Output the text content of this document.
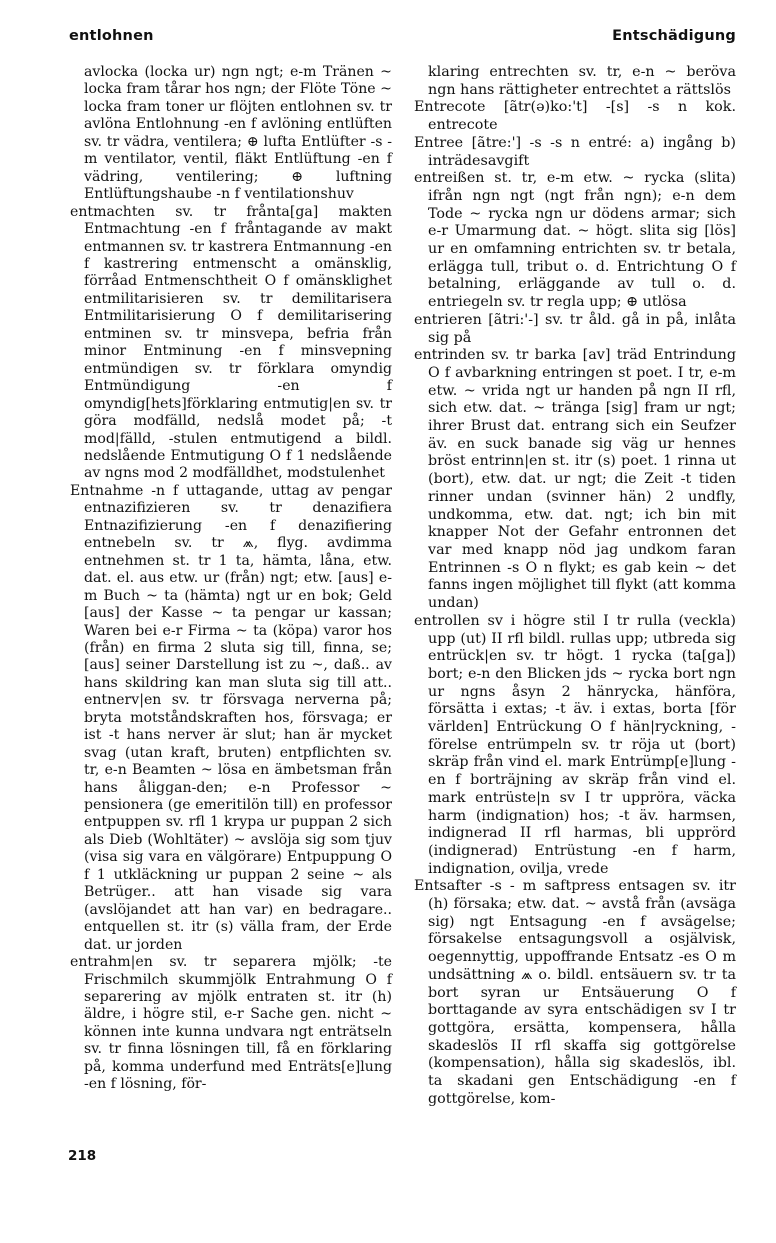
entlohnen	Entschädigung

avlocka (locka ur) ngn ngt; e-m Tränen ~ locka fram tårar hos ngn; der Flöte Töne ~ locka fram toner ur flöjten entlohnen sv. tr avlöna Entlohnung -en f avlöning entlüften sv. tr vädra, ventilera; ⊕ lufta Entlüfter -s - m ventilator, ventil, fläkt Entlüftung -en f vädring, ventilering; ⊕ luftning Entlüftungshaube -n f ventilationshuv

entmachten sv. tr frånta[ga] makten Entmachtung -en f fråntagande av makt entmannen sv. tr kastrera Entmannung -en f kastrering entmenscht a omänsklig, förråad Entmenschtheit O f omänsklighet entmilitarisieren sv. tr demilitarisera Entmilitarisierung O f demilitarisering entminen sv. tr minsvepa, befria från minor Entminung -en f minsvepning entmündigen sv. tr förklara omyndig Entmündigung -en f omyndig[hets]förklaring entmutig|en sv. tr göra modfälld, nedslå modet på; -t mod|fälld, -stulen entmutigend a bildl. nedslående Entmutigung O f 1 nedslående av ngns mod 2 modfälldhet, modstulenhet

Entnahme -n f uttagande, uttag av pengar entnazifizieren sv. tr denazifiera Entnazifizierung -en f denazifiering entnebeln sv. tr ⩕, flyg. avdimma entnehmen st. tr 1 ta, hämta, låna, etw. dat. el. aus etw. ur (från) ngt; etw. [aus] e-m Buch ~ ta (hämta) ngt ur en bok; Geld [aus] der Kasse ~ ta pengar ur kassan; Waren bei e-r Firma ~ ta (köpa) varor hos (från) en firma 2 sluta sig till, finna, se; [aus] seiner Darstellung ist zu ~, daß.. av hans skildring kan man sluta sig till att.. entnerv|en sv. tr försvaga nerverna på; bryta motståndskraften hos, försvaga; er ist -t hans nerver är slut; han är mycket svag (utan kraft, bruten) entpflichten sv. tr, e-n Beamten ~ lösa en ämbetsman från hans åliggan-den; e-n Professor ~ pensionera (ge emeritilön till) en professor entpuppen sv. rfl 1 krypa ur puppan 2 sich als Dieb (Wohltäter) ~ avslöja sig som tjuv (visa sig vara en välgörare) Entpuppung O f 1 utkläckning ur puppan 2 seine ~ als Betrüger.. att han visade sig vara (avslöjandet att han var) en bedragare.. entquellen st. itr (s) välla fram, der Erde dat. ur jorden

entrahm|en sv. tr separera mjölk; -te Frischmilch skummjölk Entrahmung O f separering av mjölk entraten st. itr (h) äldre, i högre stil, e-r Sache gen. nicht ~ können inte kunna undvara ngt enträtseln sv. tr finna lösningen till, få en förklaring på, komma underfund med Enträts[e]lung -en f lösning, för-

klaring entrechten sv. tr, e-n ~ beröva ngn hans rättigheter entrechtet a rättslös

Entrecote [ãtr(ə)ko:'t] -[s] -s n kok. entrecote

Entree [ãtre:'] -s -s n entré: a) ingång b) inträdesavgift

entreißen st. tr, e-m etw. ~ rycka (slita) ifrån ngn ngt (ngt från ngn); e-n dem Tode ~ rycka ngn ur dödens armar; sich e-r Umarmung dat. ~ högt. slita sig [lös] ur en omfamning entrichten sv. tr betala, erlägga tull, tribut o. d. Entrichtung O f betalning, erläggande av tull o. d. entriegeln sv. tr regla upp; ⊕ utlösa

entrieren [ãtri:'-] sv. tr åld. gå in på, inlåta sig på

entrinden sv. tr barka [av] träd Entrindung O f avbarkning entringen st poet. I tr, e-m etw. ~ vrida ngt ur handen på ngn II rfl, sich etw. dat. ~ tränga [sig] fram ur ngt; ihrer Brust dat. entrang sich ein Seufzer äv. en suck banade sig väg ur hennes bröst entrinn|en st. itr (s) poet. 1 rinna ut (bort), etw. dat. ur ngt; die Zeit -t tiden rinner undan (svinner hän) 2 undfly, undkomma, etw. dat. ngt; ich bin mit knapper Not der Gefahr entronnen det var med knapp nöd jag undkom faran Entrinnen -s O n flykt; es gab kein ~ det fanns ingen möjlighet till flykt (att komma undan)

entrollen sv i högre stil I tr rulla (veckla) upp (ut) II rfl bildl. rullas upp; utbreda sig entrück|en sv. tr högt. 1 rycka (ta[ga]) bort; e-n den Blicken jds ~ rycka bort ngn ur ngns åsyn 2 hänrycka, hänföra, försätta i extas; -t äv. i extas, borta [för världen] Entrückung O f hän|ryckning, -förelse entrümpeln sv. tr röja ut (bort) skräp från vind el. mark Entrümp[e]lung -en f borträjning av skräp från vind el. mark entrüste|n sv I tr uppröra, väcka harm (indignation) hos; -t äv. harmsen, indignerad II rfl harmas, bli upprörd (indignerad) Entrüstung -en f harm, indignation, ovilja, vrede

Entsafter -s - m saftpress entsagen sv. itr (h) försaka; etw. dat. ~ avstå från (avsäga sig) ngt Entsagung -en f avsägelse; försakelse entsagungsvoll a osjälvisk, oegennyttig, uppoffrande Entsatz -es O m undsättning ⩕ o. bildl. entsäuern sv. tr ta bort syran ur Entsäuerung O f borttagande av syra entschädigen sv I tr gottgöra, ersätta, kompensera, hålla skadeslös II rfl skaffa sig gottgörelse (kompensation), hålla sig skadeslös, ibl. ta skadani gen Entschädigung -en f gottgörelse, kom-

218
